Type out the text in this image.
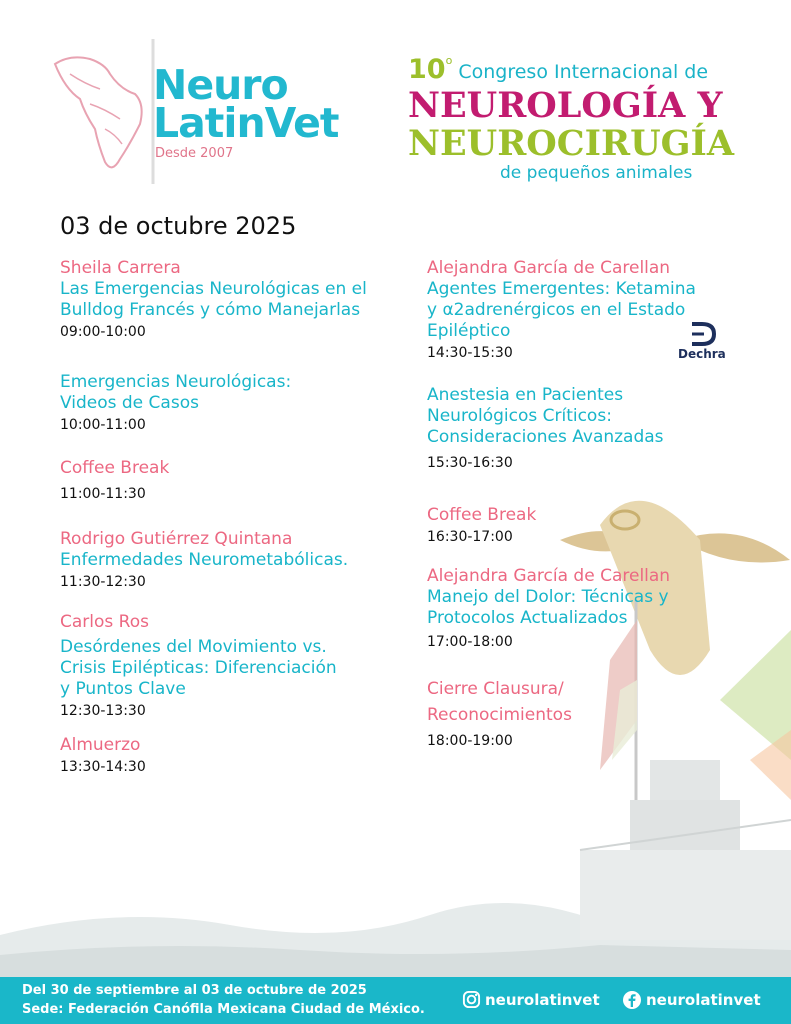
Neuro
LatinVet
Desde 2007
10$^o$ Congreso Internacional de
NEUROLOGÍA Y
NEUROCIRUGÍA
de pequeños animales
03 de octubre 2025
Sheila Carrera
Las Emergencias Neurológicas en el
Bulldog Francés y cómo Manejarlas
09:00-10:00
Emergencias Neurológicas:
Videos de Casos
10:00-11:00
Coffee Break
11:00-11:30
Rodrigo Gutiérrez Quintana
Enfermedades Neurometabólicas.
11:30-12:30
Carlos Ros
Desórdenes del Movimiento vs.
Crisis Epilépticas: Diferenciación
y Puntos Clave
12:30-13:30
Almuerzo
13:30-14:30
Alejandra García de Carellan
Agentes Emergentes: Ketamina
y α2adrenérgicos en el Estado
Epiléptico
14:30-15:30
Anestesia en Pacientes
Neurológicos Críticos:
Consideraciones Avanzadas
15:30-16:30
Coffee Break
16:30-17:00
Alejandra García de Carellan
Manejo del Dolor: Técnicas y
Protocolos Actualizados
17:00-18:00
Cierre Clausura/
Reconocimientos
18:00-19:00
Dechra
Del 30 de septiembre al 03 de octubre de 2025
Sede: Federación Canófila Mexicana Ciudad de México.
neurolatinvet	neurolatinvet
